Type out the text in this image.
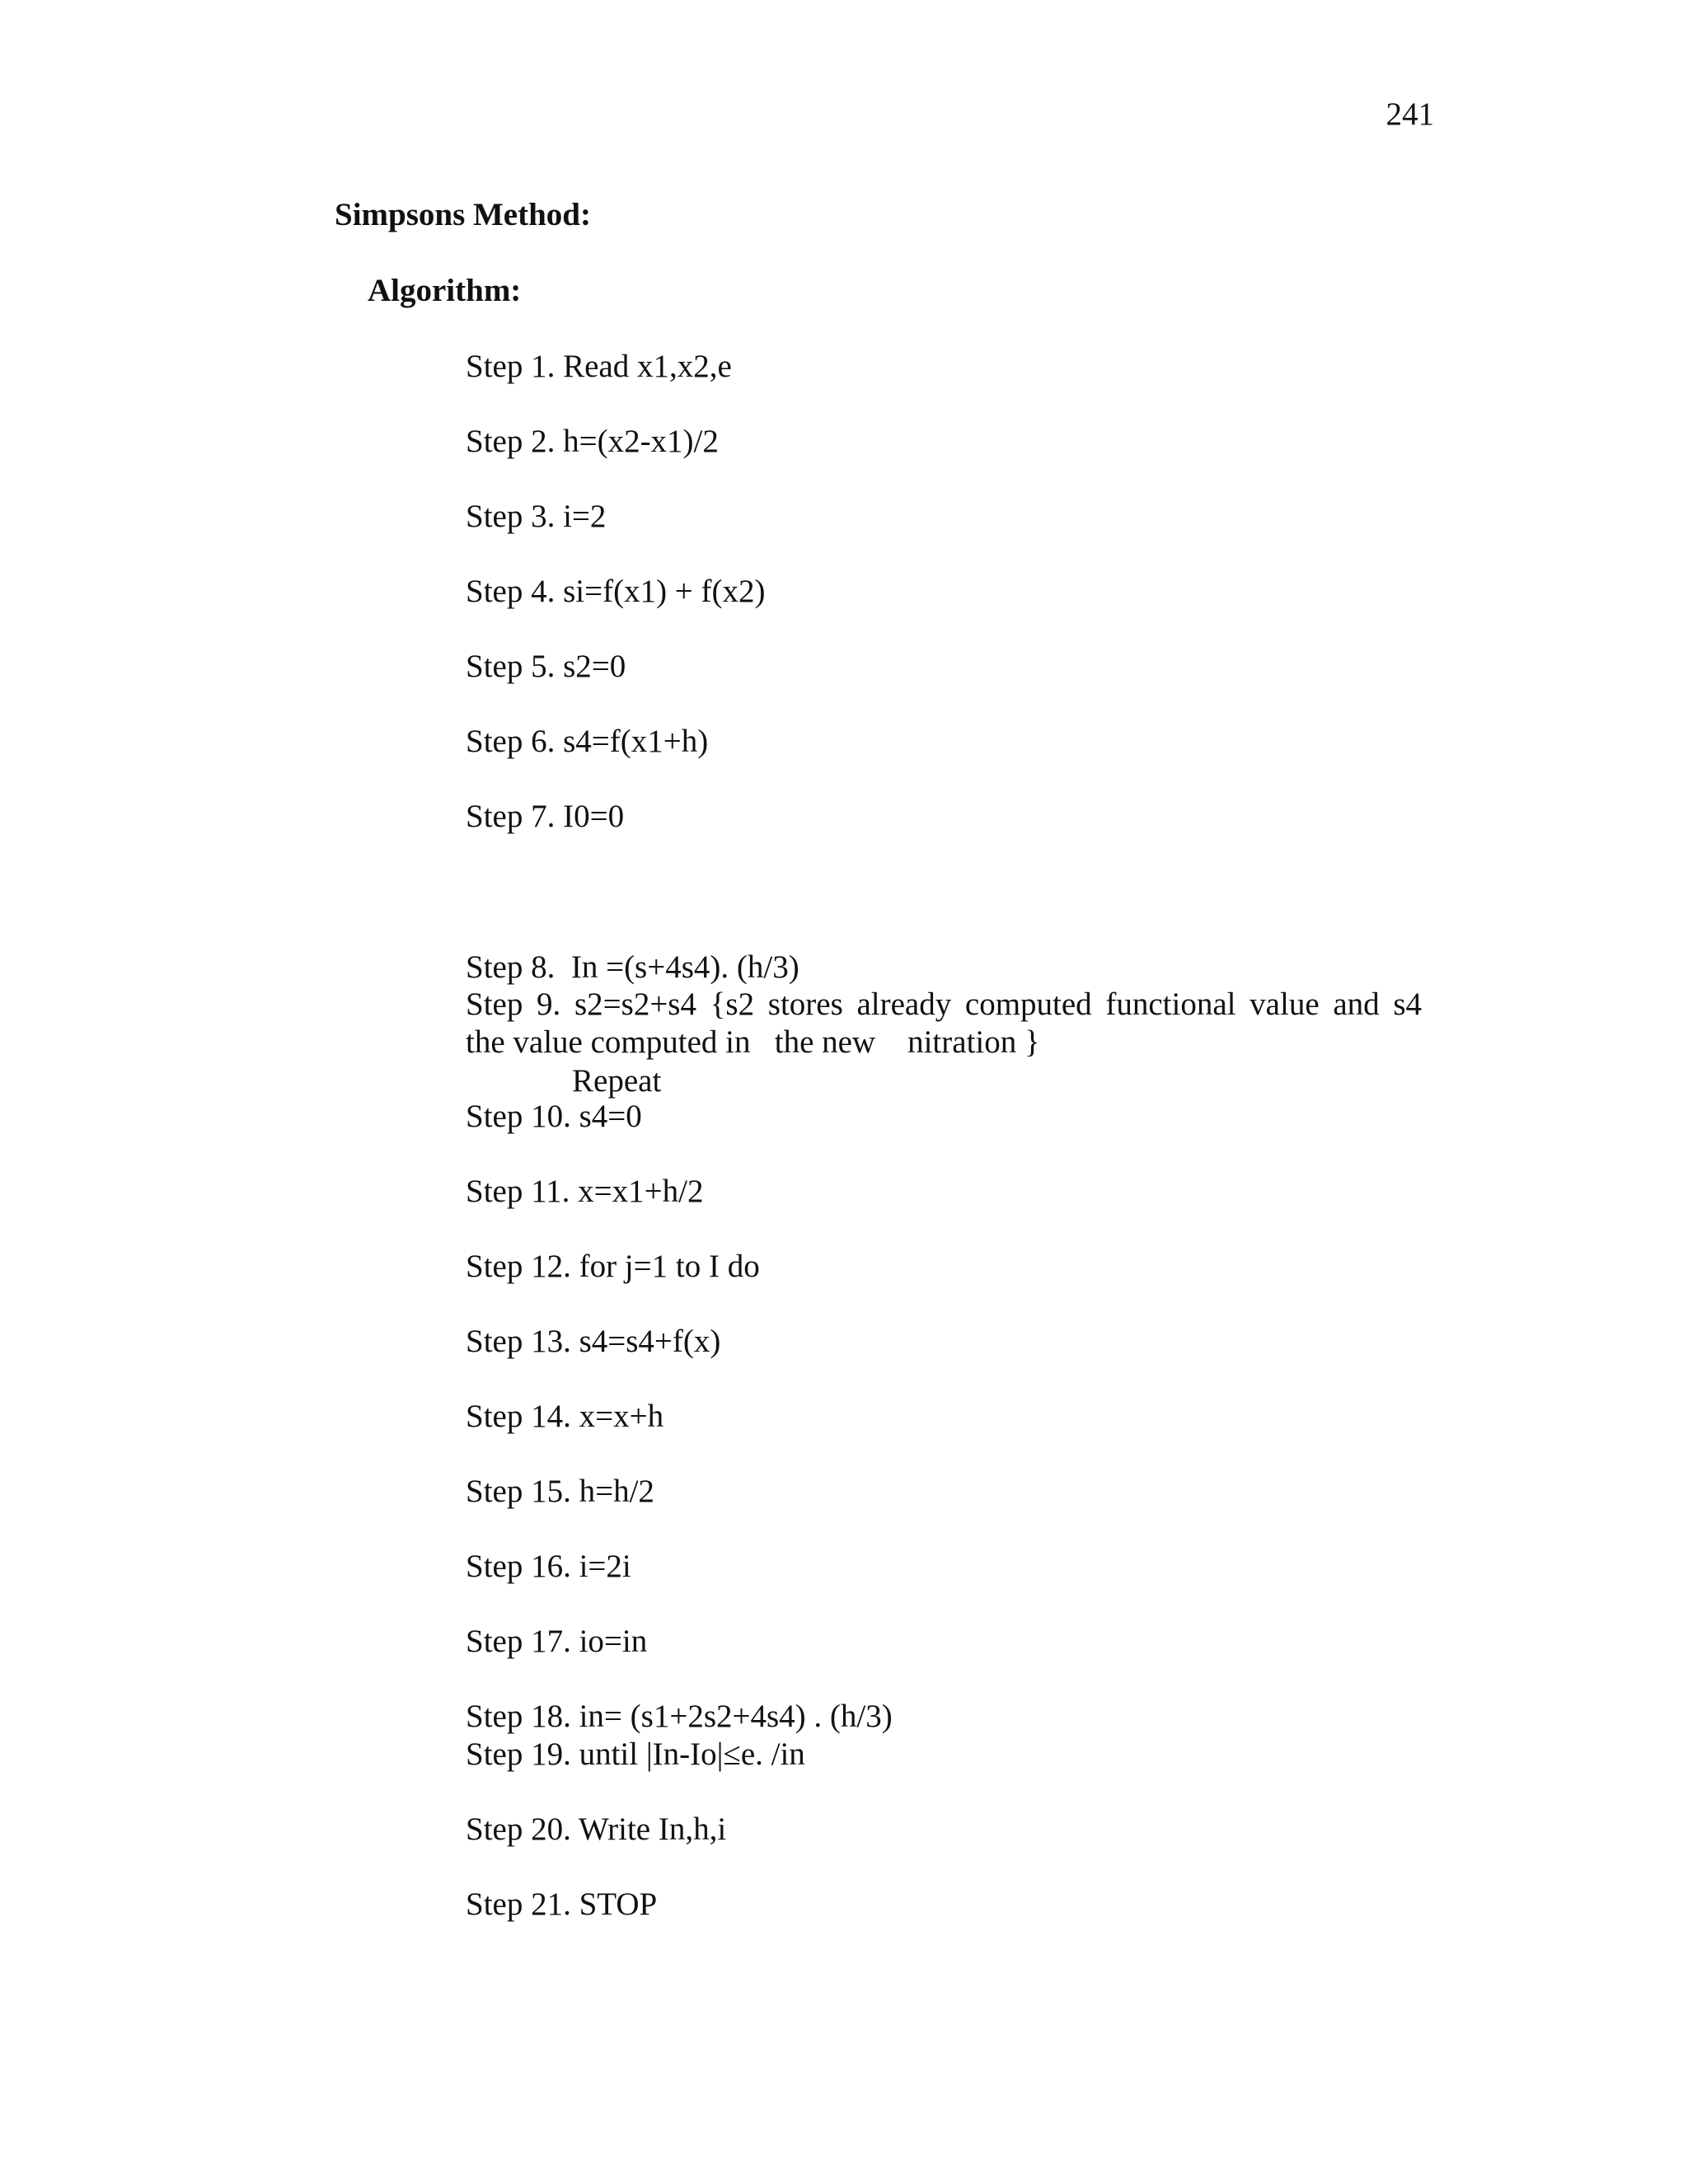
241
Simpsons Method:
Algorithm:
Step 1. Read x1,x2,e
Step 2. h=(x2-x1)/2
Step 3. i=2
Step 4. si=f(x1) + f(x2)
Step 5. s2=0
Step 6. s4=f(x1+h)
Step 7. I0=0

Step 8.  In =(s+4s4). (h/3)

Repeat

Step 9. s2=s2+s4 {s2 stores already computed functional value and s4
the value computed in   the new    nitration }
Step 10. s4=0
Step 11. x=x1+h/2
Step 12. for j=1 to I do
Step 13. s4=s4+f(x)
Step 14. x=x+h
Step 15. h=h/2
Step 16. i=2i
Step 17. io=in
Step 18. in= (s1+2s2+4s4) . (h/3)
Step 19. until |In-Io|≤e. /in
Step 20. Write In,h,i
Step 21. STOP
